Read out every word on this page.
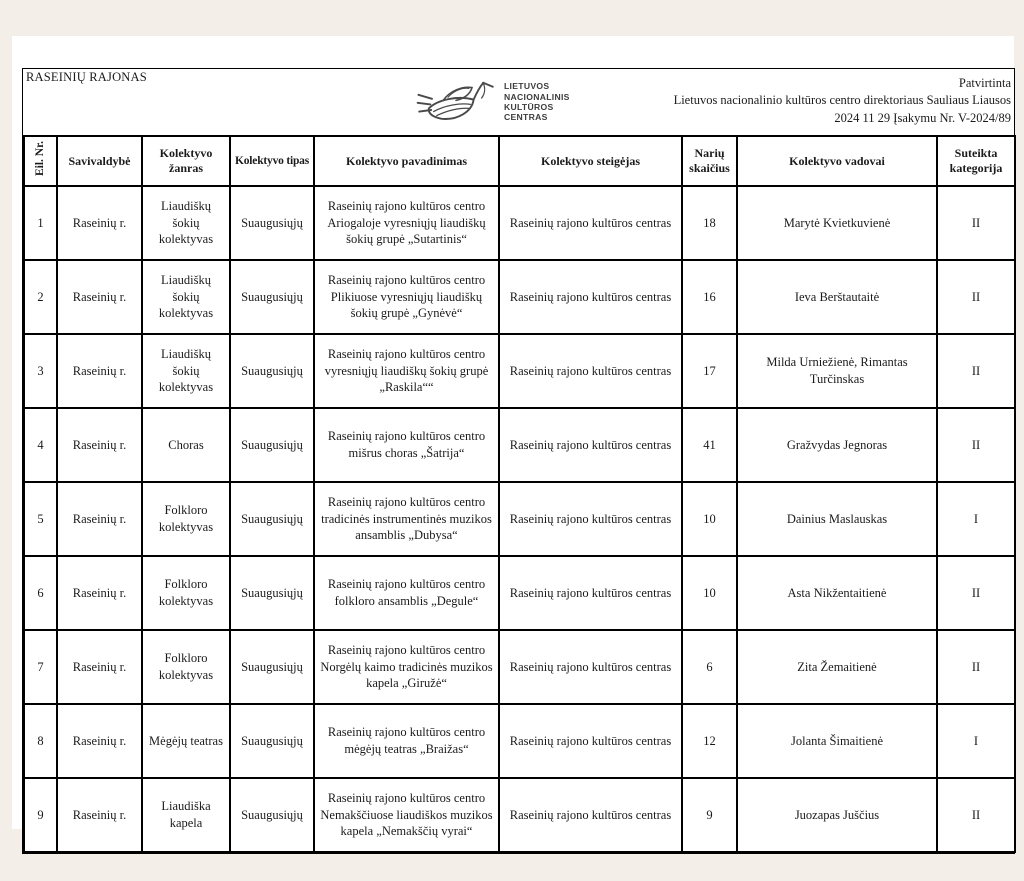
RASEINIŲ RAJONAS
LIETUVOS
NACIONALINIS
KULTŪROS
CENTRAS
Patvirtinta
Lietuvos nacionalinio kultūros centro direktoriaus Sauliaus Liausos
2024 11 29 Įsakymu Nr. V-2024/89
Eil. Nr.	Savivaldybė	Kolektyvo žanras	Kolektyvo tipas	Kolektyvo pavadinimas	Kolektyvo steigėjas	Narių skaičius	Kolektyvo vadovai	Suteikta kategorija
1	Raseinių r.	Liaudiškų šokių kolektyvas	Suaugusiųjų	Raseinių rajono kultūros centro Ariogaloje vyresniųjų liaudiškų šokių grupė „Sutartinis“	Raseinių rajono kultūros centras	18	Marytė Kvietkuvienė	II
2	Raseinių r.	Liaudiškų šokių kolektyvas	Suaugusiųjų	Raseinių rajono kultūros centro Plikiuose vyresniųjų liaudiškų šokių grupė „Gynėvė“	Raseinių rajono kultūros centras	16	Ieva Berštautaitė	II
3	Raseinių r.	Liaudiškų šokių kolektyvas	Suaugusiųjų	Raseinių rajono kultūros centro vyresniųjų liaudiškų šokių grupė „Raskila““	Raseinių rajono kultūros centras	17	Milda Urniežienė, Rimantas Turčinskas	II
4	Raseinių r.	Choras	Suaugusiųjų	Raseinių rajono kultūros centro mišrus choras „Šatrija“	Raseinių rajono kultūros centras	41	Gražvydas Jegnoras	II
5	Raseinių r.	Folkloro kolektyvas	Suaugusiųjų	Raseinių rajono kultūros centro tradicinės instrumentinės muzikos ansamblis „Dubysa“	Raseinių rajono kultūros centras	10	Dainius Maslauskas	I
6	Raseinių r.	Folkloro kolektyvas	Suaugusiųjų	Raseinių rajono kultūros centro folkloro ansamblis „Degule“	Raseinių rajono kultūros centras	10	Asta Nikžentaitienė	II
7	Raseinių r.	Folkloro kolektyvas	Suaugusiųjų	Raseinių rajono kultūros centro Norgėlų kaimo tradicinės muzikos kapela „Giružė“	Raseinių rajono kultūros centras	6	Zita Žemaitienė	II
8	Raseinių r.	Mėgėjų teatras	Suaugusiųjų	Raseinių rajono kultūros centro mėgėjų teatras „Braižas“	Raseinių rajono kultūros centras	12	Jolanta Šimaitienė	I
9	Raseinių r.	Liaudiška kapela	Suaugusiųjų	Raseinių rajono kultūros centro Nemakščiuose liaudiškos muzikos kapela „Nemakščių vyrai“	Raseinių rajono kultūros centras	9	Juozapas Juščius	II
